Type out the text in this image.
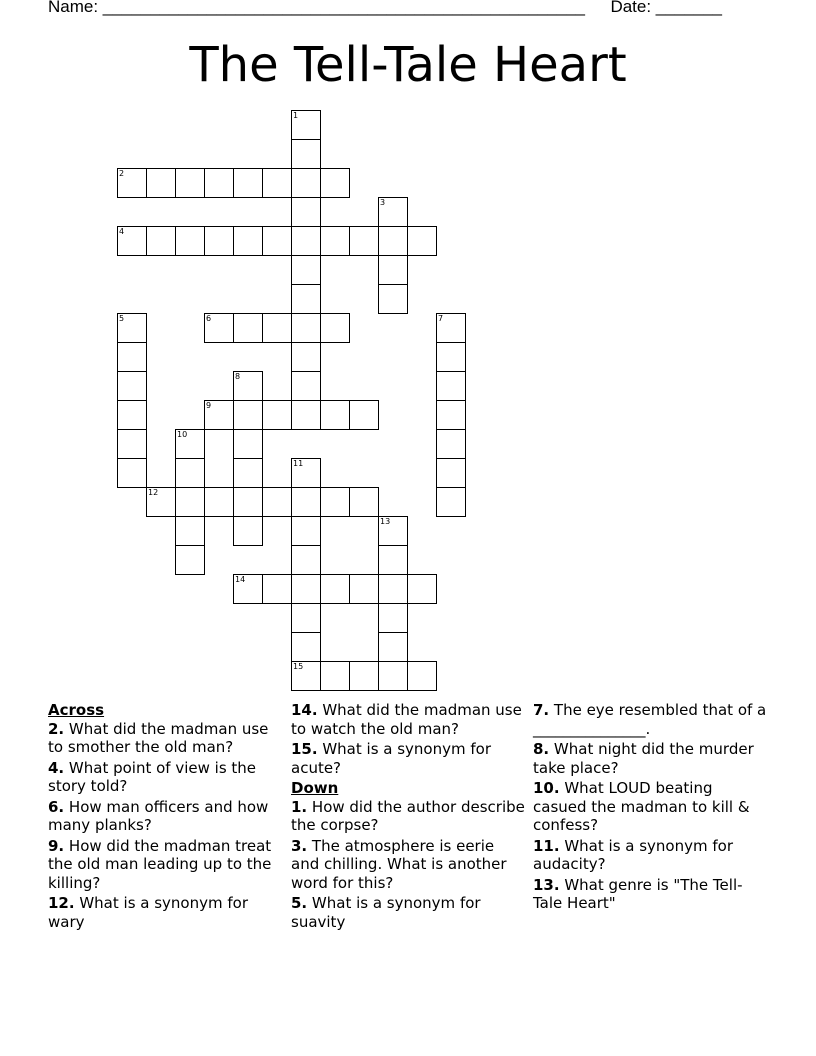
Name: ___________________________________________________ Date: _______
The Tell-Tale Heart
1
2
3
4
5	6	7
8
9
10
11
15
12
13
14
Across
2. What did the madman use to smother the old man?
4. What point of view is the story told?
6. How man officers and how many planks?
9. How did the madman treat the old man leading up to the killing?
12. What is a synonym for wary
14. What did the madman use to watch the old man?
15. What is a synonym for acute?
Down
1. How did the author describe the corpse?
3. The atmosphere is eerie and chilling. What is another word for this?
5. What is a synonym for suavity
7. The eye resembled that of a _______________.
8. What night did the murder take place?
10. What LOUD beating casued the madman to kill & confess?
11. What is a synonym for audacity?
13. What genre is "The Tell-Tale Heart"
